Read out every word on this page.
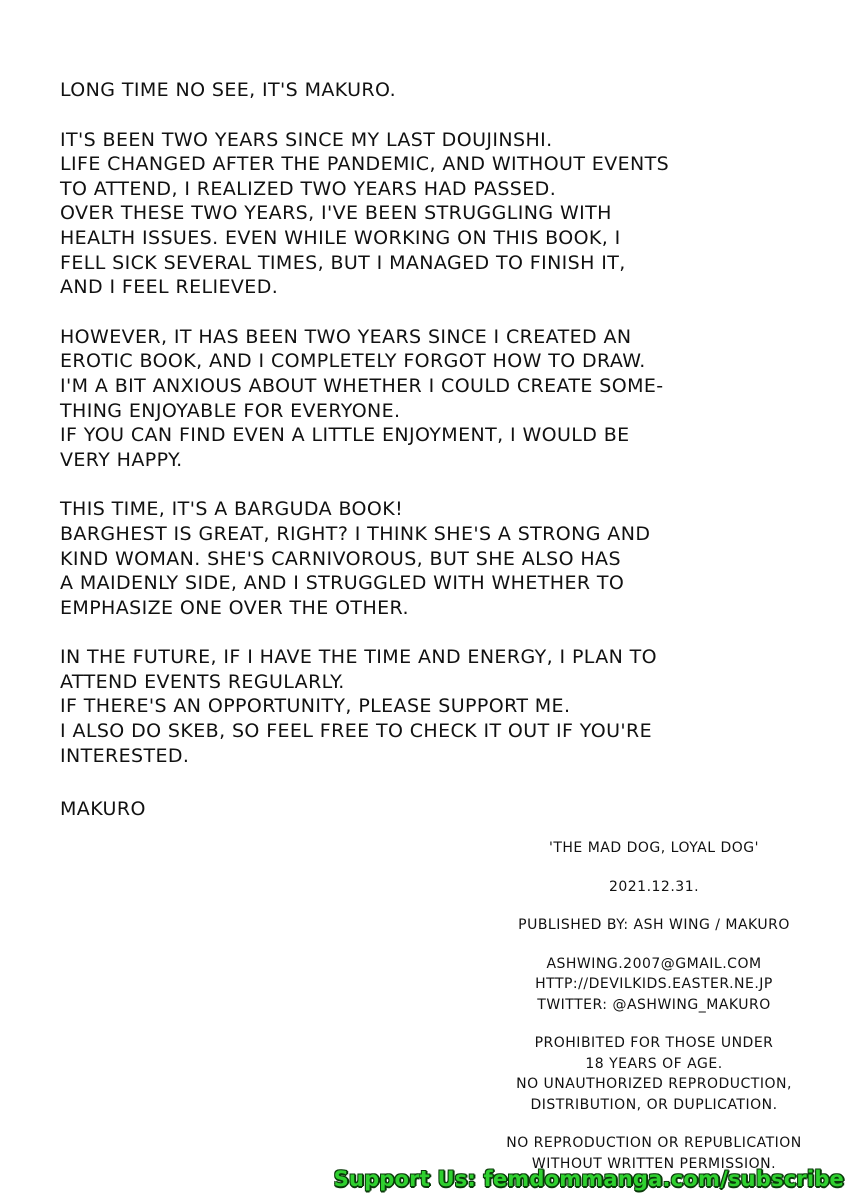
LONG TIME NO SEE, IT'S MAKURO.
IT'S BEEN TWO YEARS SINCE MY LAST DOUJINSHI.
LIFE CHANGED AFTER THE PANDEMIC, AND WITHOUT EVENTS
TO ATTEND, I REALIZED TWO YEARS HAD PASSED.
OVER THESE TWO YEARS, I'VE BEEN STRUGGLING WITH
HEALTH ISSUES. EVEN WHILE WORKING ON THIS BOOK, I
FELL SICK SEVERAL TIMES, BUT I MANAGED TO FINISH IT,
AND I FEEL RELIEVED.
HOWEVER, IT HAS BEEN TWO YEARS SINCE I CREATED AN
EROTIC BOOK, AND I COMPLETELY FORGOT HOW TO DRAW.
I'M A BIT ANXIOUS ABOUT WHETHER I COULD CREATE SOME-
THING ENJOYABLE FOR EVERYONE.
IF YOU CAN FIND EVEN A LITTLE ENJOYMENT, I WOULD BE
VERY HAPPY.
THIS TIME, IT'S A BARGUDA BOOK!
BARGHEST IS GREAT, RIGHT? I THINK SHE'S A STRONG AND
KIND WOMAN. SHE'S CARNIVOROUS, BUT SHE ALSO HAS
A MAIDENLY SIDE, AND I STRUGGLED WITH WHETHER TO
EMPHASIZE ONE OVER THE OTHER.
IN THE FUTURE, IF I HAVE THE TIME AND ENERGY, I PLAN TO
ATTEND EVENTS REGULARLY.
IF THERE'S AN OPPORTUNITY, PLEASE SUPPORT ME.
I ALSO DO SKEB, SO FEEL FREE TO CHECK IT OUT IF YOU'RE
INTERESTED.
MAKURO
'THE MAD DOG, LOYAL DOG'
2021.12.31.
PUBLISHED BY: ASH WING / MAKURO
ASHWING.2007@GMAIL.COM
HTTP://DEVILKIDS.EASTER.NE.JP
TWITTER: @ASHWING_MAKURO
PROHIBITED FOR THOSE UNDER
18 YEARS OF AGE.
NO UNAUTHORIZED REPRODUCTION,
DISTRIBUTION, OR DUPLICATION.
NO REPRODUCTION OR REPUBLICATION
WITHOUT WRITTEN PERMISSION.
Support Us: femdommanga.com/subscribe
